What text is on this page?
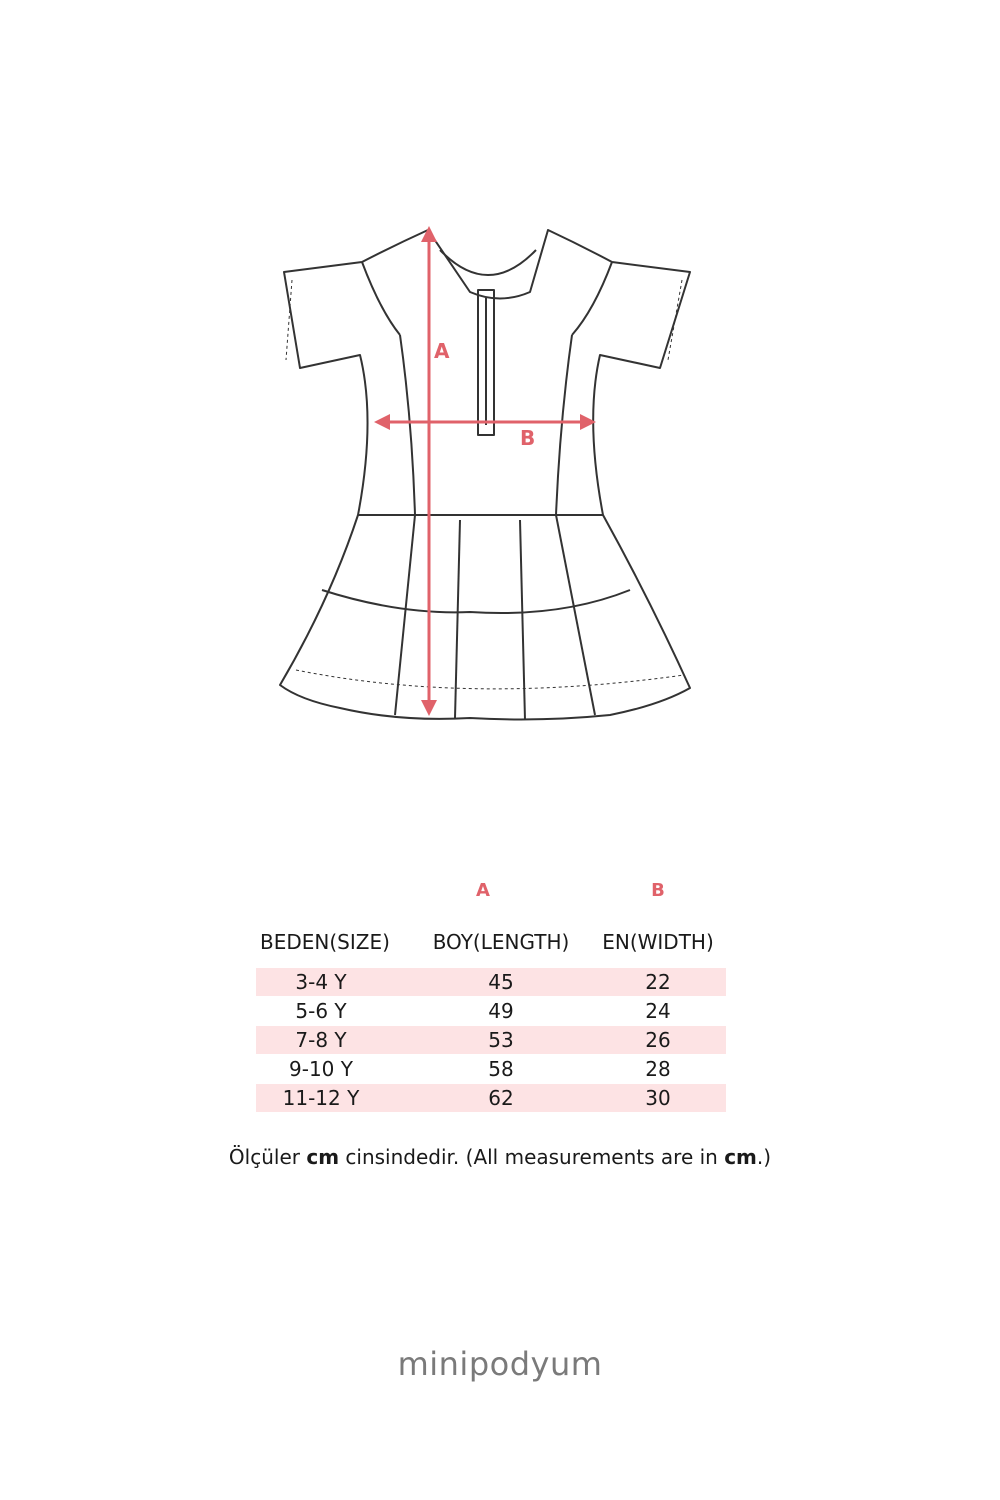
A
B
A	B
BEDEN(SIZE)	BOY(LENGTH)	EN(WIDTH)
3-4 Y	45	22
5-6 Y	49	24
7-8 Y	53	26
9-10 Y	58	28
11-12 Y	62	30
Ölçüler cm cinsindedir. (All measurements are in cm.)
minipodyum
